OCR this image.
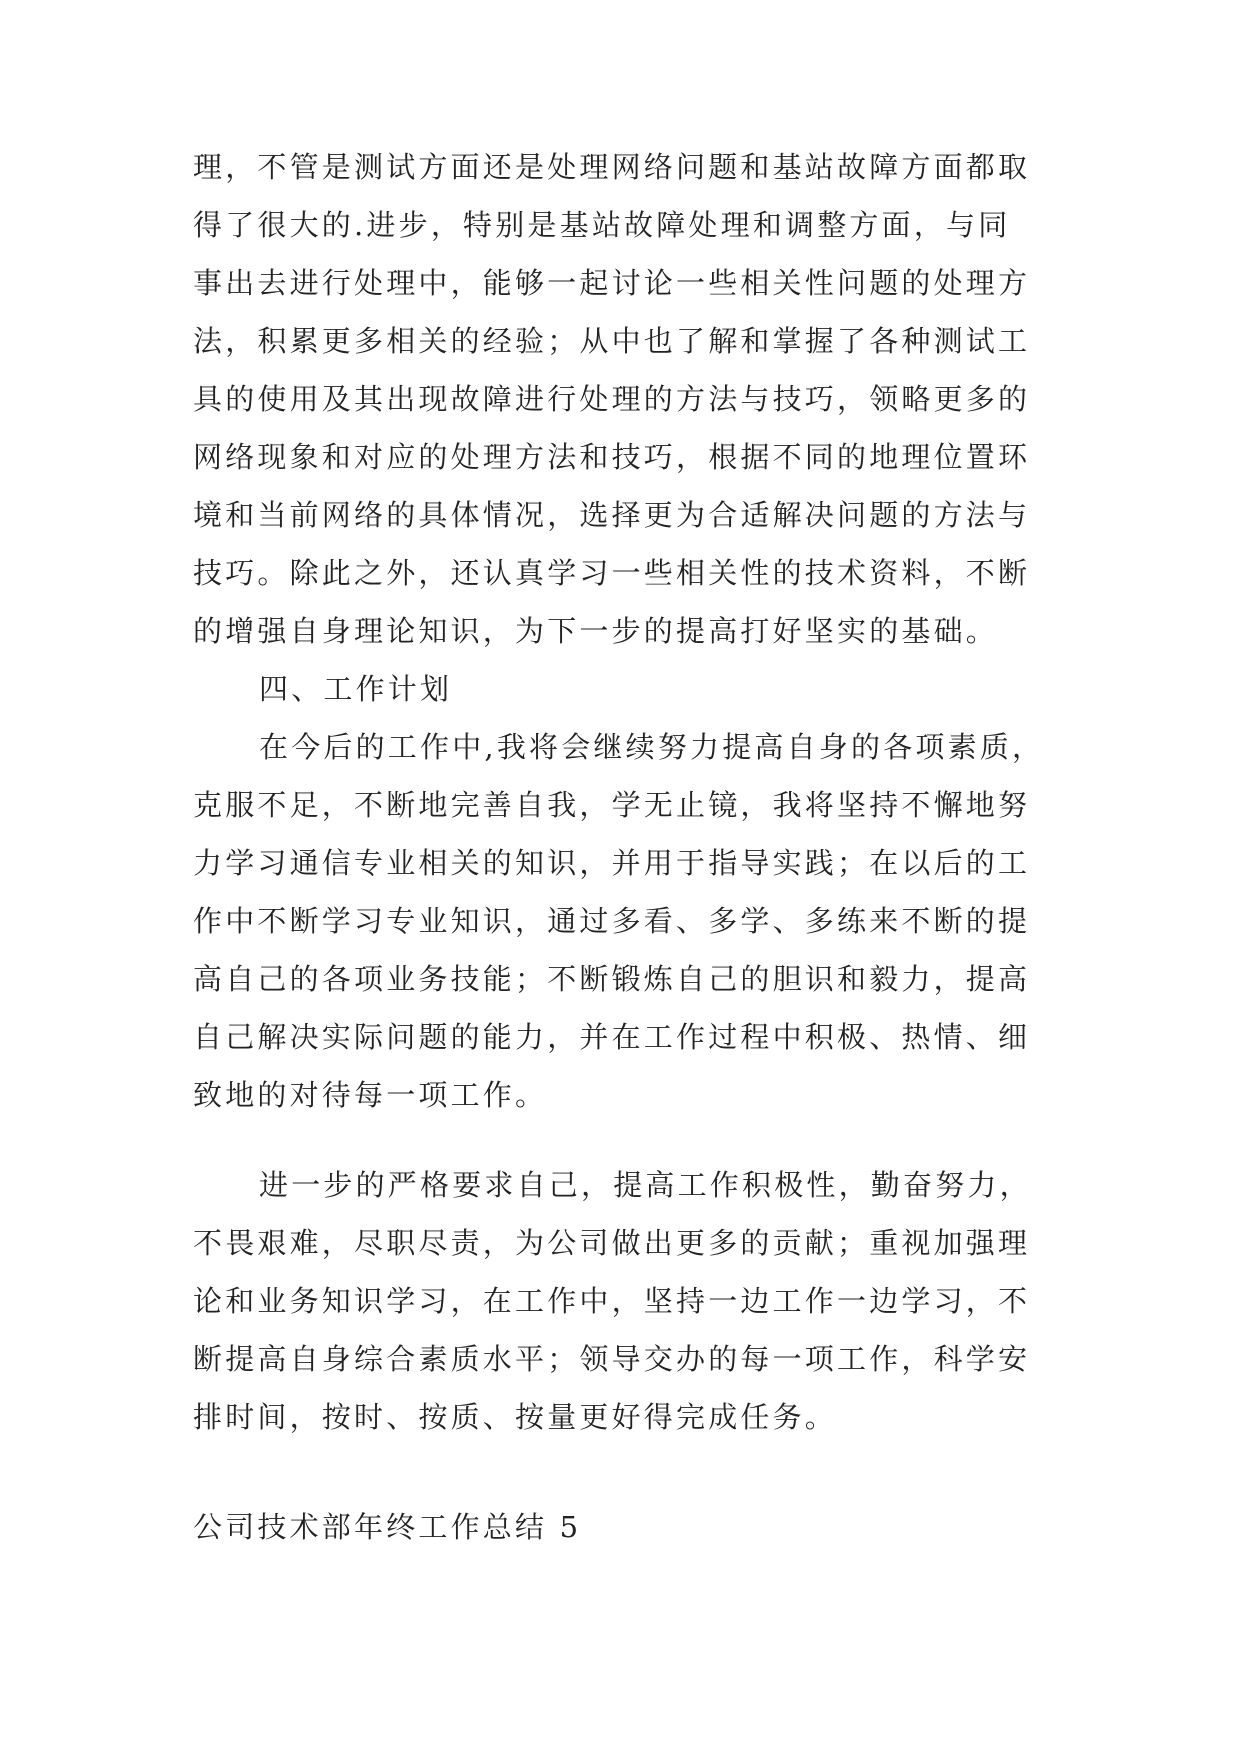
理，不管是测试方面还是处理网络问题和基站故障方面都取
得了很大的.进步，特别是基站故障处理和调整方面，与同
事出去进行处理中，能够一起讨论一些相关性问题的处理方
法，积累更多相关的经验；从中也了解和掌握了各种测试工
具的使用及其出现故障进行处理的方法与技巧，领略更多的
网络现象和对应的处理方法和技巧，根据不同的地理位置环
境和当前网络的具体情况，选择更为合适解决问题的方法与
技巧。除此之外，还认真学习一些相关性的技术资料，不断
的增强自身理论知识，为下一步的提高打好坚实的基础。
四、工作计划
在今后的工作中,我将会继续努力提高自身的各项素质，
克服不足，不断地完善自我，学无止镜，我将坚持不懈地努
力学习通信专业相关的知识，并用于指导实践；在以后的工
作中不断学习专业知识，通过多看、多学、多练来不断的提
高自己的各项业务技能；不断锻炼自己的胆识和毅力，提高
自己解决实际问题的能力，并在工作过程中积极、热情、细
致地的对待每一项工作。
进一步的严格要求自己，提高工作积极性，勤奋努力，
不畏艰难，尽职尽责，为公司做出更多的贡献；重视加强理
论和业务知识学习，在工作中，坚持一边工作一边学习，不
断提高自身综合素质水平；领导交办的每一项工作，科学安
排时间，按时、按质、按量更好得完成任务。
公司技术部年终工作总结 5
